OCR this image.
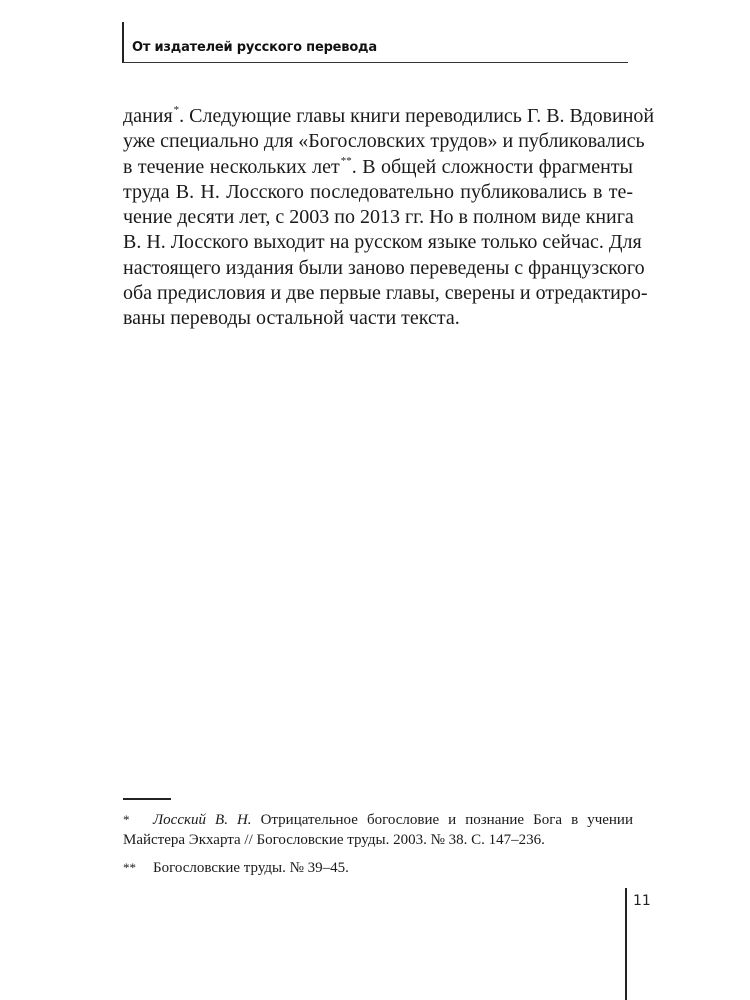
От издателей русского перевода
дания*. Следующие главы книги переводились Г. В. Вдовиной
уже специально для «Богословских трудов» и публиковались
в течение нескольких лет**. В общей сложности фрагменты
труда В. Н. Лосского последовательно публиковались в те-
чение десяти лет, с 2003 по 2013 гг. Но в полном виде книга
В. Н. Лосского выходит на русском языке только сейчас. Для
настоящего издания были заново переведены с французского
оба предисловия и две первые главы, сверены и отредактиро-
ваны переводы остальной части текста.
* Лосский В. Н. Отрицательное богословие и познание Бога в учении
Майстера Экхарта // Богословские труды. 2003. № 38. С. 147–236.
** Богословские труды. № 39–45.
11
